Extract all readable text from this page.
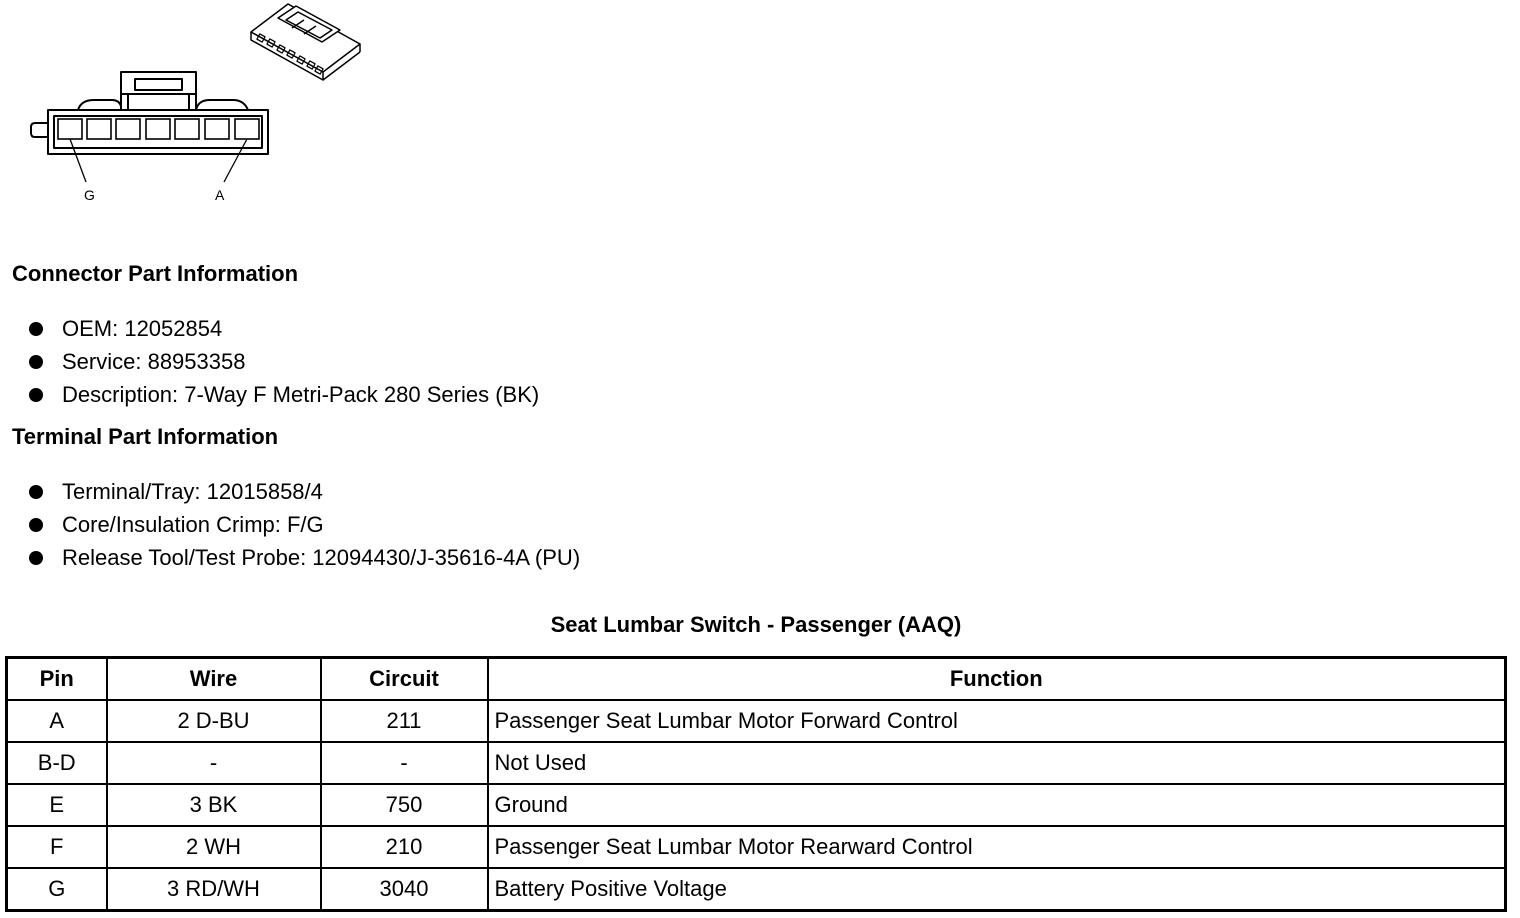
G	A
Connector Part Information
OEM: 12052854
Service: 88953358
Description: 7-Way F Metri-Pack 280 Series (BK)
Terminal Part Information
Terminal/Tray: 12015858/4
Core/Insulation Crimp: F/G
Release Tool/Test Probe: 12094430/J-35616-4A (PU)
Seat Lumbar Switch - Passenger (AAQ)
Pin	Wire	Circuit	Function
A	2 D-BU	211	Passenger Seat Lumbar Motor Forward Control
B-D	-	-	Not Used
E	3 BK	750	Ground
F	2 WH	210	Passenger Seat Lumbar Motor Rearward Control
G	3 RD/WH	3040	Battery Positive Voltage
